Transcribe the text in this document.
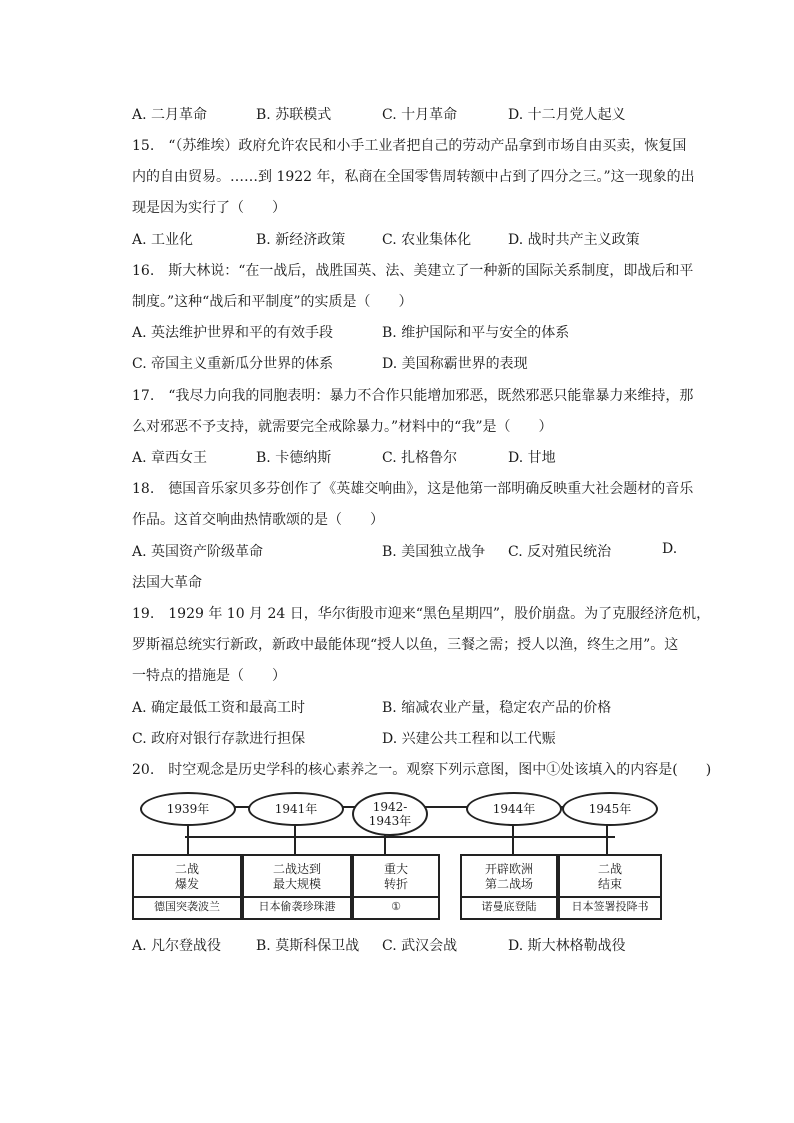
A. 二月革命	B. 苏联模式	C. 十月革命	D. 十二月党人起义
15.　“（苏维埃）政府允许农民和小手工业者把自己的劳动产品拿到市场自由买卖，恢复国
内的自由贸易。……到 1922 年，私商在全国零售周转额中占到了四分之三。”这一现象的出
现是因为实行了（　　）
A. 工业化	B. 新经济政策	C. 农业集体化	D. 战时共产主义政策
16.　斯大林说：“在一战后，战胜国英、法、美建立了一种新的国际关系制度，即战后和平
制度。”这种“战后和平制度”的实质是（　　）
A. 英法维护世界和平的有效手段	B. 维护国际和平与安全的体系
C. 帝国主义重新瓜分世界的体系	D. 美国称霸世界的表现
17.　“我尽力向我的同胞表明：暴力不合作只能增加邪恶，既然邪恶只能靠暴力来维持，那
么对邪恶不予支持，就需要完全戒除暴力。”材料中的“我”是（　　）
A. 章西女王	B. 卡德纳斯	C. 扎格鲁尔	D. 甘地
18.　德国音乐家贝多芬创作了《英雄交响曲》，这是他第一部明确反映重大社会题材的音乐
作品。这首交响曲热情歌颂的是（　　）
A. 英国资产阶级革命	B. 美国独立战争 C. 反对殖民统治	D.
法国大革命
19.　1929 年 10 月 24 日，华尔街股市迎来“黑色星期四”，股价崩盘。为了克服经济危机，
罗斯福总统实行新政，新政中最能体现“授人以鱼，三餐之需；授人以渔，终生之用”。这
一特点的措施是（　　）
A. 确定最低工资和最高工时	B. 缩减农业产量，稳定农产品的价格
C. 政府对银行存款进行担保	D. 兴建公共工程和以工代赈
20.　时空观念是历史学科的核心素养之一。观察下列示意图，图中①处该填入的内容是(　　)
1939年	1941年	1942-
1943年
1944年	1945年
二战
爆发
德国突袭波兰
二战达到
最大规模
日本偷袭珍珠港
重大
转折
①
开辟欧洲
第二战场
诺曼底登陆
二战
结束
日本签署投降书
A. 凡尔登战役 B. 莫斯科保卫战 C. 武汉会战	D. 斯大林格勒战役
